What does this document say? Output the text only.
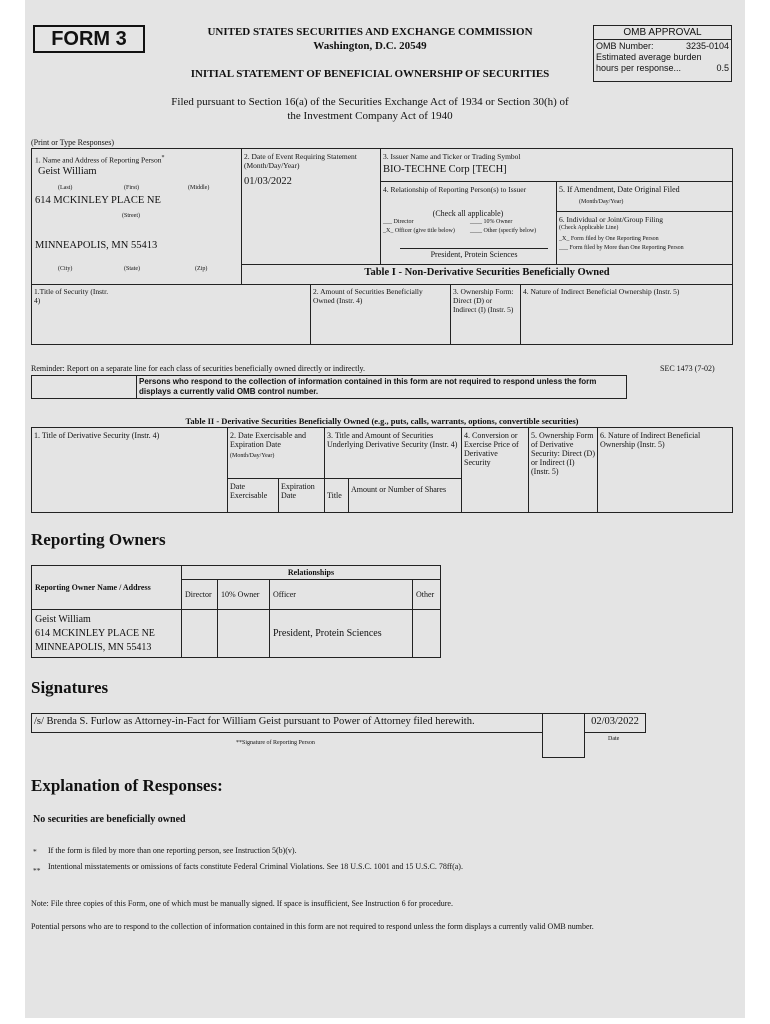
FORM 3	UNITED STATES SECURITIES AND EXCHANGE COMMISSION
Washington, D.C. 20549
INITIAL STATEMENT OF BENEFICIAL OWNERSHIP OF SECURITIES
OMB APPROVAL
OMB Number:	3235-0104
Estimated average burden
hours per response...	0.5
Filed pursuant to Section 16(a) of the Securities Exchange Act of 1934 or Section 30(h) of
the Investment Company Act of 1940
(Print or Type Responses)
1. Name and Address of Reporting Person*
Geist William
(Last)	(First)	(Middle)
614 MCKINLEY PLACE NE
(Street)
MINNEAPOLIS, MN 55413
(City)	(State)	(Zip)
2. Date of Event Requiring Statement (Month/Day/Year)
01/03/2022
3. Issuer Name and Ticker or Trading Symbol
BIO-TECHNE Corp [TECH]
4. Relationship of Reporting Person(s) to Issuer
(Check all applicable)
___ Director	____ 10% Owner
_X_ Officer (give title below)	____ Other (specify below)
President, Protein Sciences
5. If Amendment, Date Original Filed
(Month/Day/Year)
6. Individual or Joint/Group Filing
(Check Applicable Line)
_X_ Form filed by One Reporting Person
___ Form filed by More than One Reporting Person
Table I - Non-Derivative Securities Beneficially Owned
1.Title of Security (Instr. 4)
2. Amount of Securities Beneficially Owned (Instr. 4)
3. Ownership Form: Direct (D) or Indirect (I) (Instr. 5)
4. Nature of Indirect Beneficial Ownership (Instr. 5)
Reminder: Report on a separate line for each class of securities beneficially owned directly or indirectly.	SEC 1473 (7-02)
Persons who respond to the collection of information contained in this form are not required to respond unless the form displays a currently valid OMB control number.
Table II - Derivative Securities Beneficially Owned (e.g., puts, calls, warrants, options, convertible securities)
1. Title of Derivative Security (Instr. 4)	2. Date Exercisable and Expiration Date
(Month/Day/Year)
Date Exercisable
Expiration Date
3. Title and Amount of Securities Underlying Derivative Security (Instr. 4)
Title
Amount or Number of Shares
4. Conversion or Exercise Price of Derivative Security
5. Ownership Form of Derivative Security: Direct (D) or Indirect (I) (Instr. 5)
6. Nature of Indirect Beneficial Ownership (Instr. 5)
Reporting Owners
Reporting Owner Name / Address	Relationships			
	Director	10% Owner	Officer	Other

Geist William
614 MCKINLEY PLACE NE
MINNEAPOLIS, MN 55413			President, Protein Sciences	
Signatures
/s/ Brenda S. Furlow as Attorney-in-Fact for William Geist pursuant to Power of Attorney filed herewith.	02/03/2022
**Signature of Reporting Person
Date
Explanation of Responses:
No securities are beneficially owned
* If the form is filed by more than one reporting person, see Instruction 5(b)(v).
** Intentional misstatements or omissions of facts constitute Federal Criminal Violations. See 18 U.S.C. 1001 and 15 U.S.C. 78ff(a).
Note: File three copies of this Form, one of which must be manually signed. If space is insufficient, See Instruction 6 for procedure.
Potential persons who are to respond to the collection of information contained in this form are not required to respond unless the form displays a currently valid OMB number.
